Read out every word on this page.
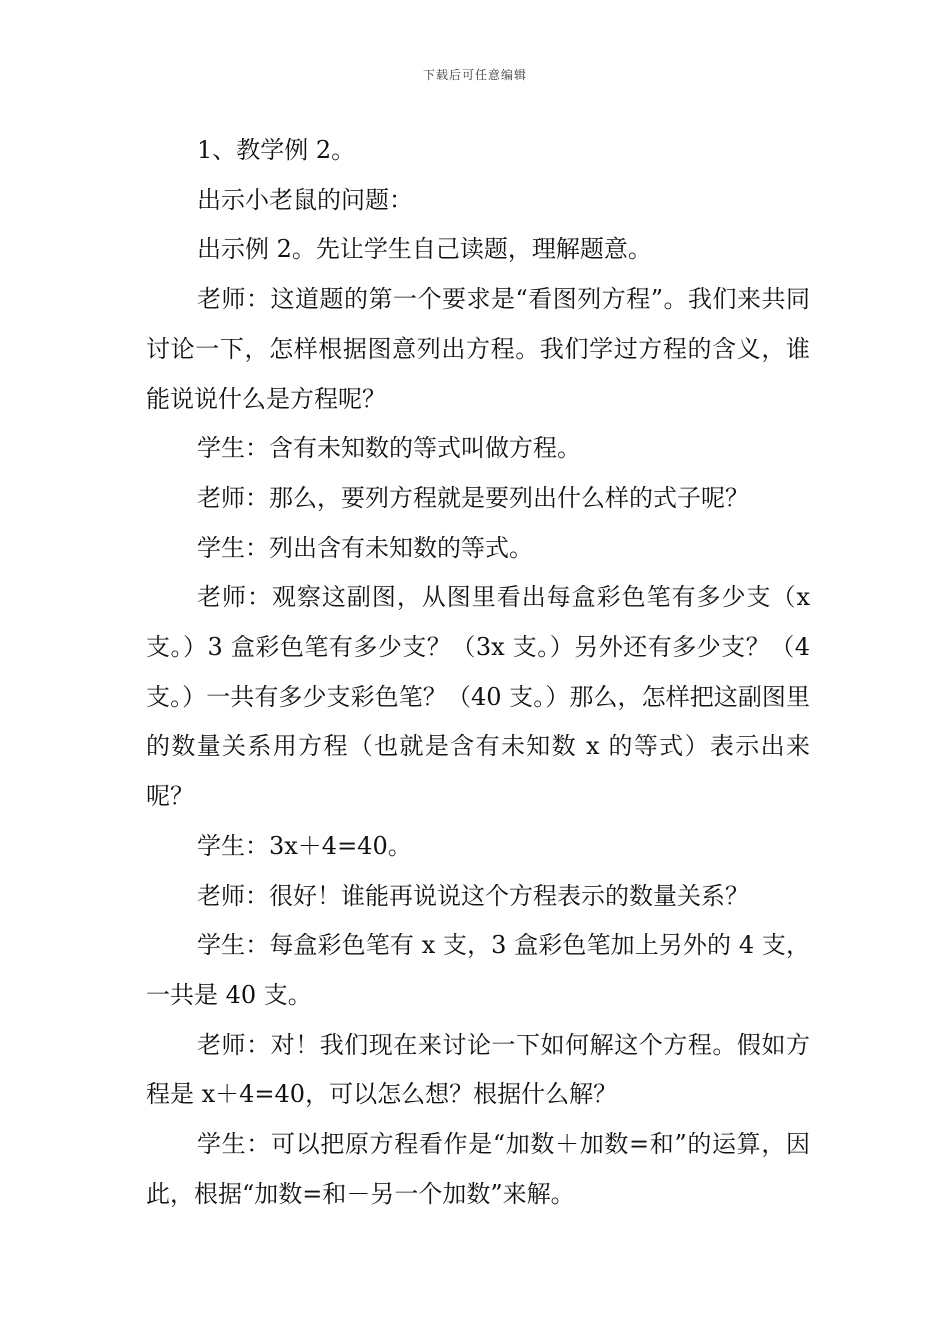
下载后可任意编辑

1、教学例 2。

出示小老鼠的问题：

出示例 2。先让学生自己读题，理解题意。

老师：这道题的第一个要求是“看图列方程”。我们来共同讨论一下，怎样根据图意列出方程。我们学过方程的含义，谁能说说什么是方程呢？

学生：含有未知数的等式叫做方程。

老师：那么，要列方程就是要列出什么样的式子呢？

学生：列出含有未知数的等式。

老师：观察这副图，从图里看出每盒彩色笔有多少支（x 支。）3 盒彩色笔有多少支？（3x 支。）另外还有多少支？（4 支。）一共有多少支彩色笔？（40 支。）那么，怎样把这副图里的数量关系用方程（也就是含有未知数 x 的等式）表示出来呢？

学生：3x＋4=40。

老师：很好！谁能再说说这个方程表示的数量关系？

学生：每盒彩色笔有 x 支，3 盒彩色笔加上另外的 4 支，一共是 40 支。

老师：对！我们现在来讨论一下如何解这个方程。假如方程是 x＋4=40，可以怎么想？根据什么解？

学生：可以把原方程看作是“加数＋加数=和”的运算，因此，根据“加数=和－另一个加数”来解。
